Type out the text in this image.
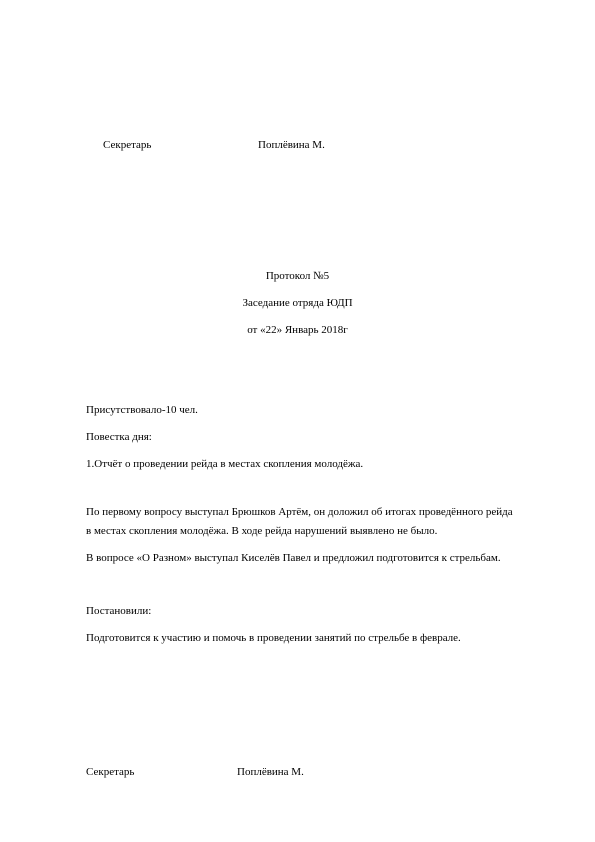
Секретарь	Поплёвина М.
Протокол №5
Заседание отряда ЮДП
от «22» Январь 2018г
Присутствовало-10 чел.
Повестка дня:
1.Отчёт о проведении рейда в местах скопления молодёжа.
По первому вопросу выступал Брюшков Артём, он доложил об итогах проведённого рейда
в местах скопления молодёжа. В ходе рейда нарушений выявлено не было.
В вопросе «О Разном» выступал Киселёв Павел и предложил подготовится к стрельбам.
Постановили:
Подготовится к участию и помочь в проведении занятий по стрельбе в феврале.
Секретарь	Поплёвина М.
